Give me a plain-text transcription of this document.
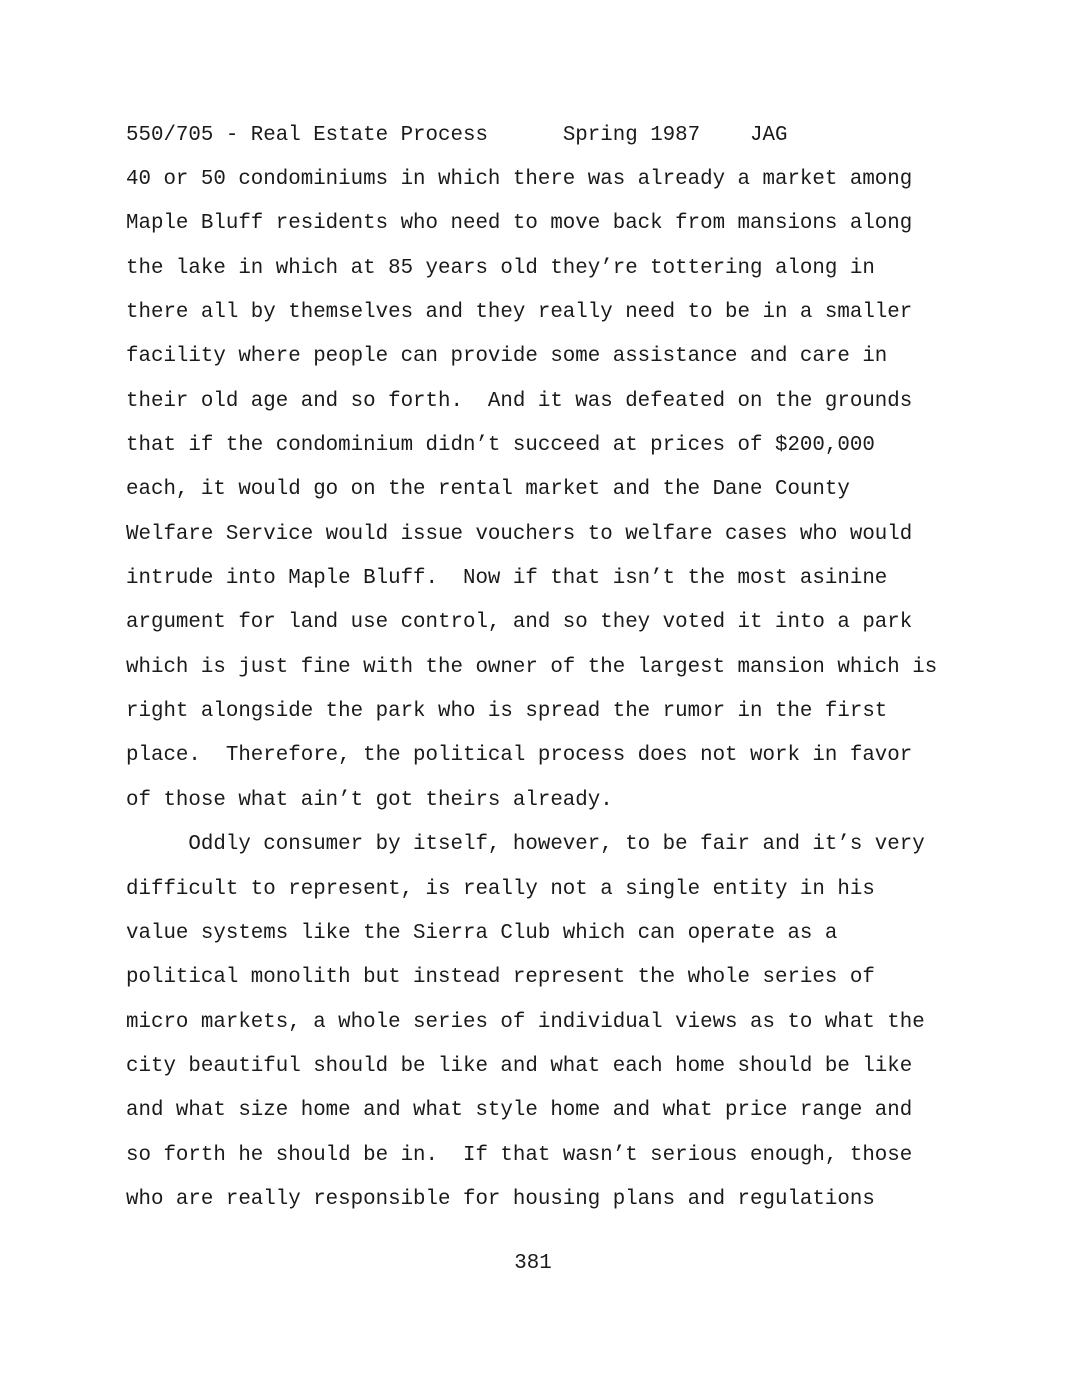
550/705 - Real Estate Process	Spring 1987 JAG
40 or 50 condominiums in which there was already a market among
Maple Bluff residents who need to move back from mansions along
the lake in which at 85 years old they’re tottering along in
there all by themselves and they really need to be in a smaller
facility where people can provide some assistance and care in
their old age and so forth.  And it was defeated on the grounds
that if the condominium didn’t succeed at prices of $200,000
each, it would go on the rental market and the Dane County
Welfare Service would issue vouchers to welfare cases who would
intrude into Maple Bluff.  Now if that isn’t the most asinine
argument for land use control, and so they voted it into a park
which is just fine with the owner of the largest mansion which is
right alongside the park who is spread the rumor in the first
place.  Therefore, the political process does not work in favor
of those what ain’t got theirs already.
Oddly consumer by itself, however, to be fair and it’s very
difficult to represent, is really not a single entity in his
value systems like the Sierra Club which can operate as a
political monolith but instead represent the whole series of
micro markets, a whole series of individual views as to what the
city beautiful should be like and what each home should be like
and what size home and what style home and what price range and
so forth he should be in.  If that wasn’t serious enough, those
who are really responsible for housing plans and regulations
381
